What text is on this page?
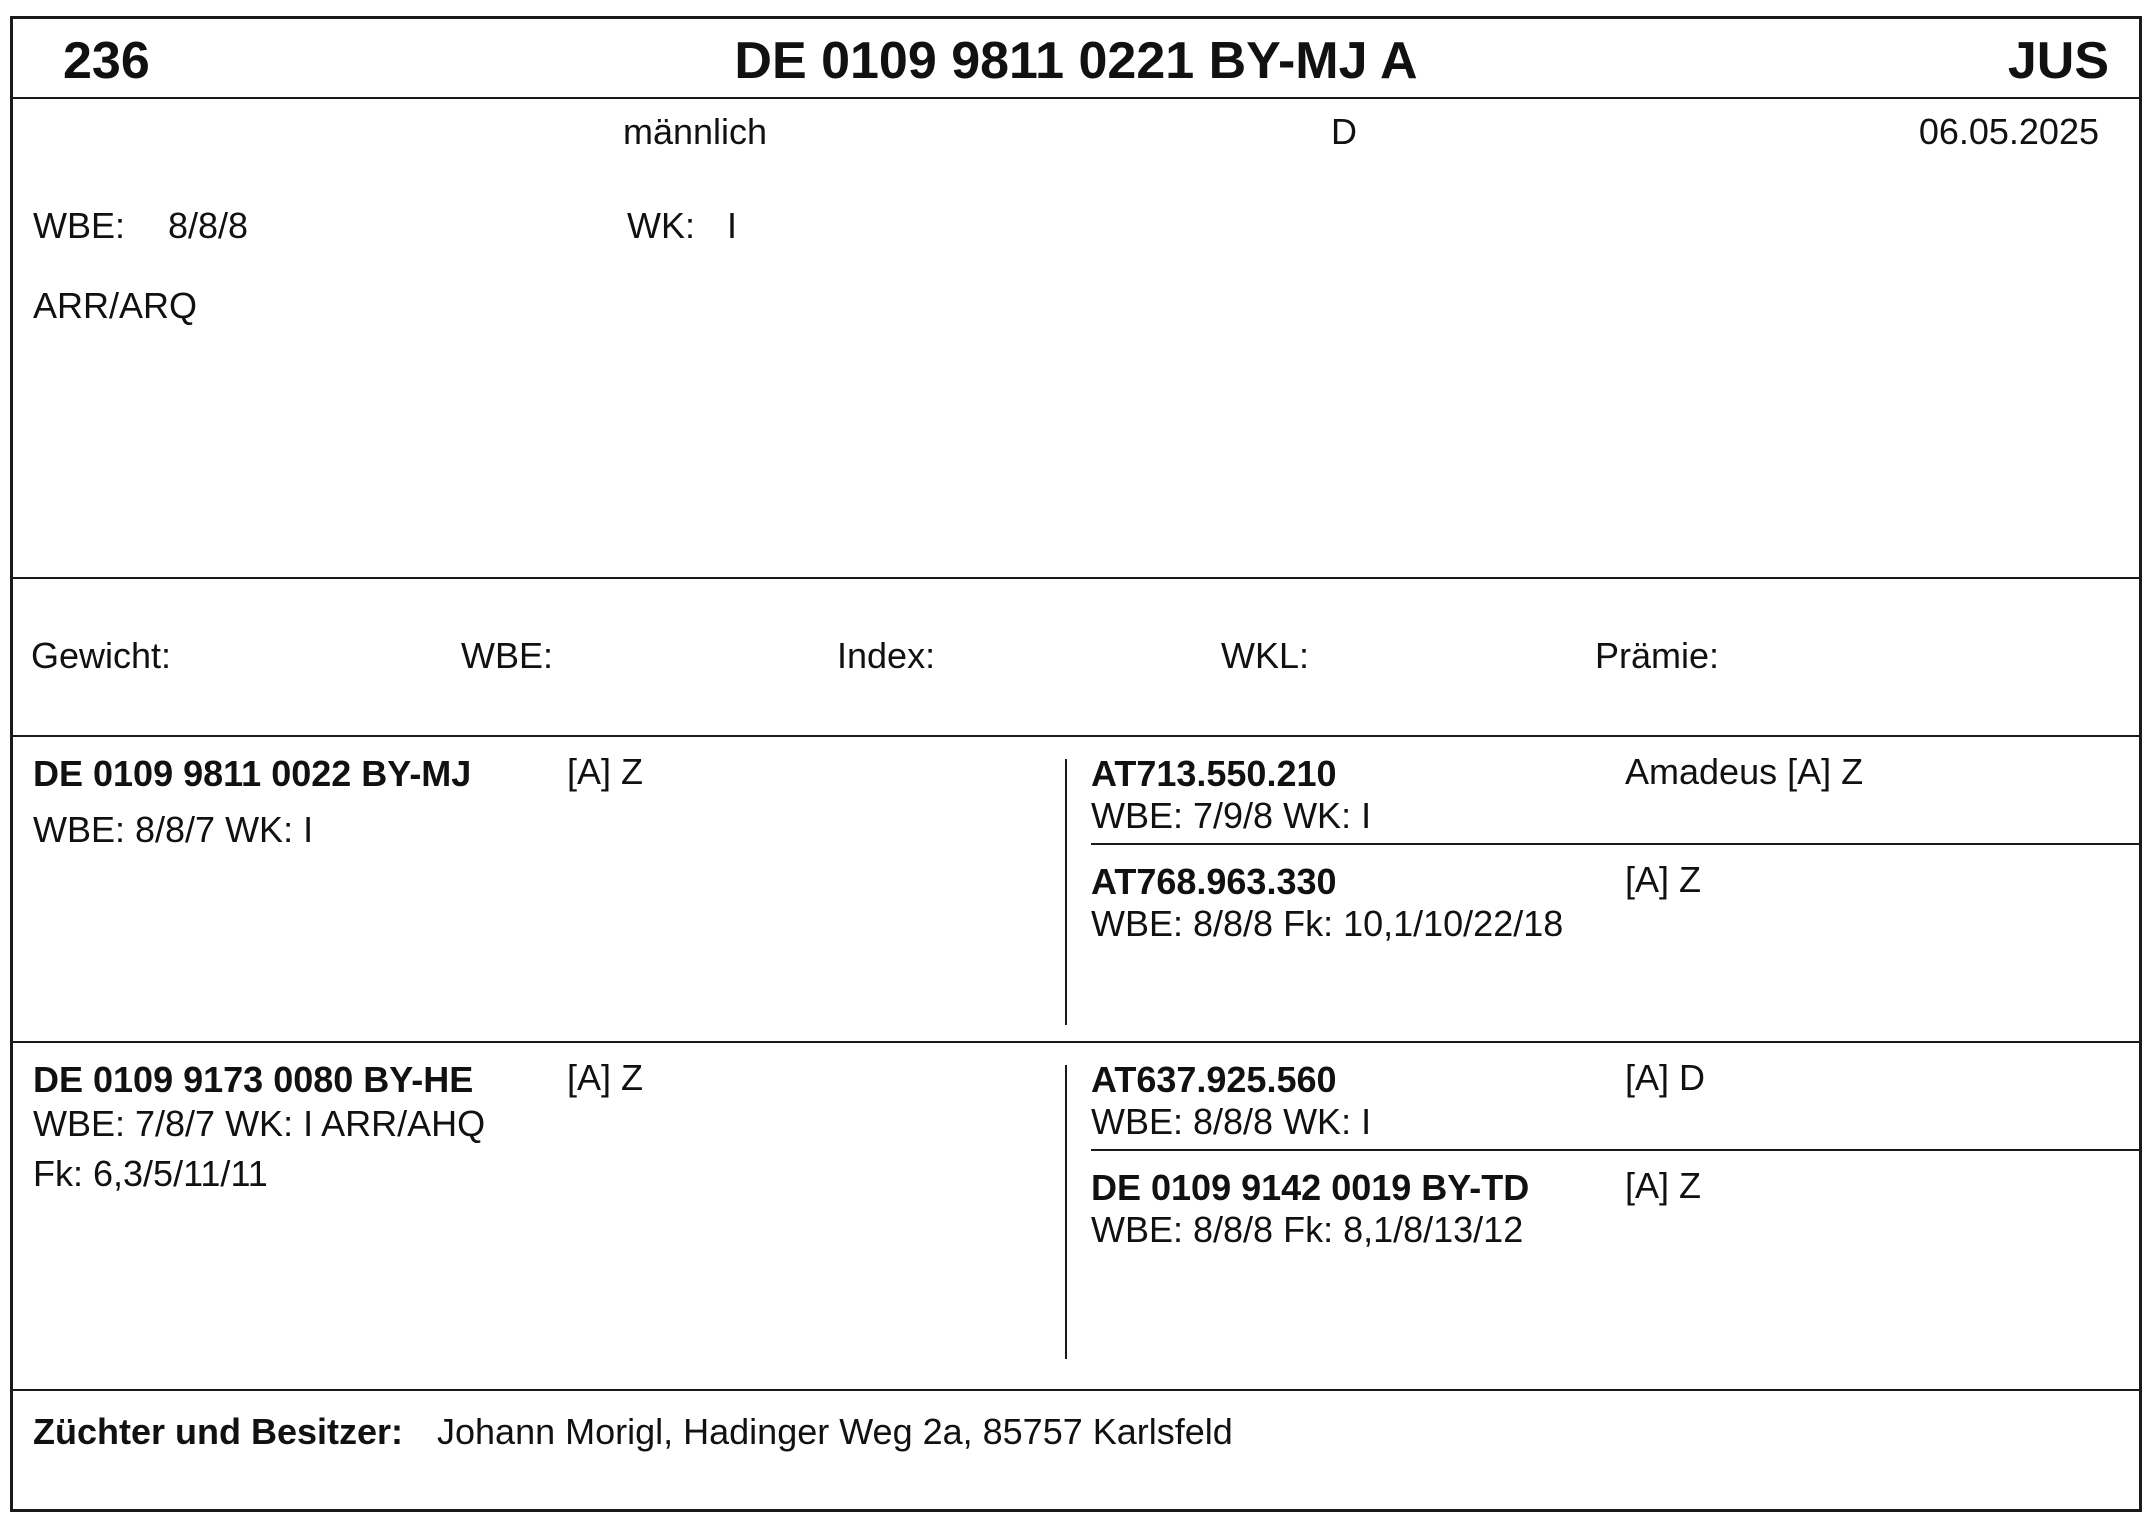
236	DE 0109 9811 0221 BY-MJ A	JUS
männlich	D	06.05.2025
WBE: 8/8/8	WK: I
ARR/ARQ
Gewicht:	WBE:	Index:	WKL:	Prämie:
DE 0109 9811 0022 BY-MJ	[A] Z
WBE: 8/8/7 WK: I
AT713.550.210	Amadeus [A] Z
WBE: 7/9/8 WK: I
AT768.963.330	[A] Z
WBE: 8/8/8 Fk: 10,1/10/22/18
DE 0109 9173 0080 BY-HE	[A] Z
WBE: 7/8/7 WK: I ARR/AHQ
Fk: 6,3/5/11/11
AT637.925.560	[A] D
WBE: 8/8/8 WK: I
DE 0109 9142 0019 BY-TD	[A] Z
WBE: 8/8/8 Fk: 8,1/8/13/12
Züchter und Besitzer: Johann Morigl, Hadinger Weg 2a, 85757 Karlsfeld
